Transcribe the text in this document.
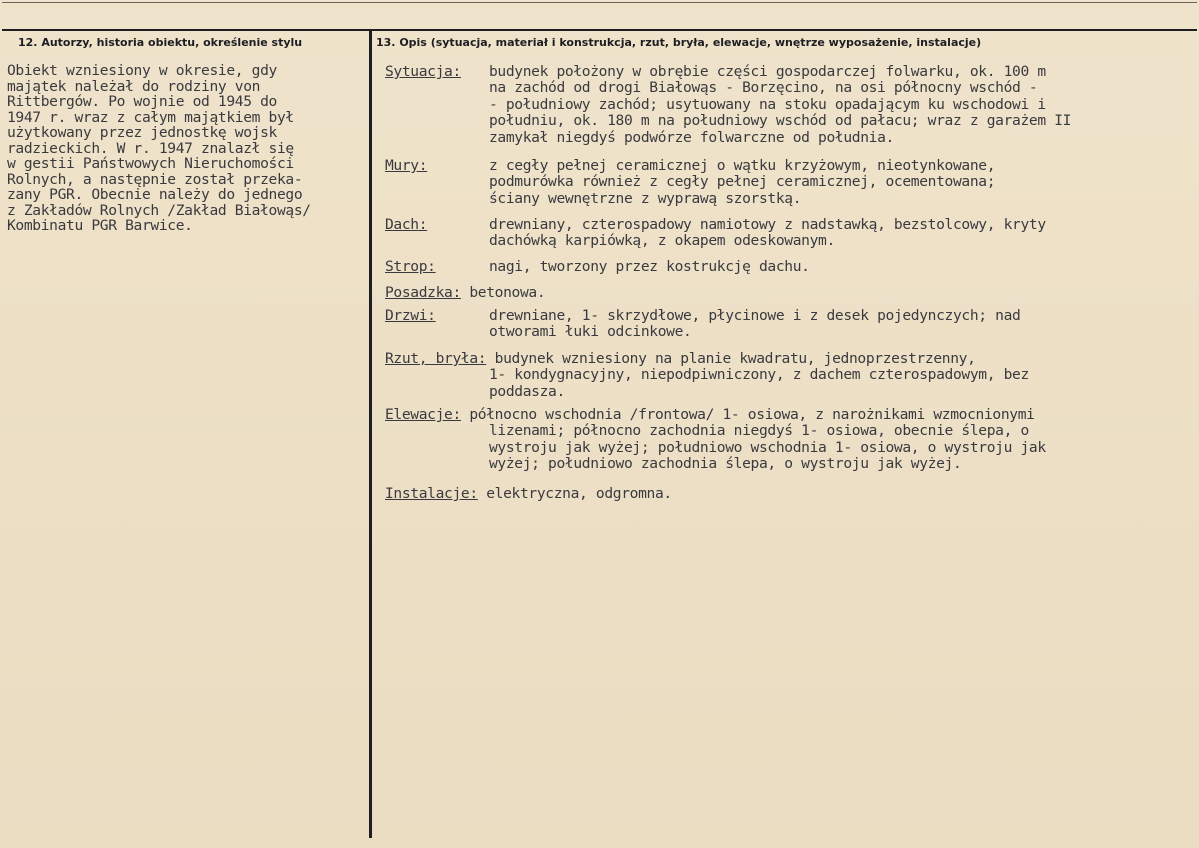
12. Autorzy, historia obiektu, określenie stylu	13. Opis (sytuacja, materiał i konstrukcja, rzut, bryła, elewacje, wnętrze wyposażenie, instalacje)
Obiekt wzniesiony w okresie, gdy
majątek należał do rodziny von
Rittbergów. Po wojnie od 1945 do
1947 r. wraz z całym majątkiem był
użytkowany przez jednostkę wojsk
radzieckich. W r. 1947 znalazł się
w gestii Państwowych Nieruchomości
Rolnych, a następnie został przeka-
zany PGR. Obecnie należy do jednego
z Zakładów Rolnych /Zakład Białowąs/
Kombinatu PGR Barwice.
Sytuacja: budynek położony w obrębie części gospodarczej folwarku, ok. 100 m
na zachód od drogi Białowąs - Borzęcino, na osi północny wschód -
- południowy zachód; usytuowany na stoku opadającym ku wschodowi i
południu, ok. 180 m na południowy wschód od pałacu; wraz z garażem II
zamykał niegdyś podwórze folwarczne od południa.
Mury:	z cegły pełnej ceramicznej o wątku krzyżowym, nieotynkowane,
podmurówka również z cegły pełnej ceramicznej, ocementowana;
ściany wewnętrzne z wyprawą szorstką.
Dach:	drewniany, czterospadowy namiotowy z nadstawką, bezstolcowy, kryty
dachówką karpiówką, z okapem odeskowanym.
Strop:	nagi, tworzony przez kostrukcję dachu.
Posadzka: betonowa.
Drzwi:	drewniane, 1- skrzydłowe, płycinowe i z desek pojedynczych; nad
otworami łuki odcinkowe.
Rzut, bryła: budynek wzniesiony na planie kwadratu, jednoprzestrzenny,
1- kondygnacyjny, niepodpiwniczony, z dachem czterospadowym, bez
poddasza.
Elewacje: północno wschodnia /frontowa/ 1- osiowa, z narożnikami wzmocnionymi
lizenami; północno zachodnia niegdyś 1- osiowa, obecnie ślepa, o
wystroju jak wyżej; południowo wschodnia 1- osiowa, o wystroju jak
wyżej; południowo zachodnia ślepa, o wystroju jak wyżej.
Instalacje: elektryczna, odgromna.
